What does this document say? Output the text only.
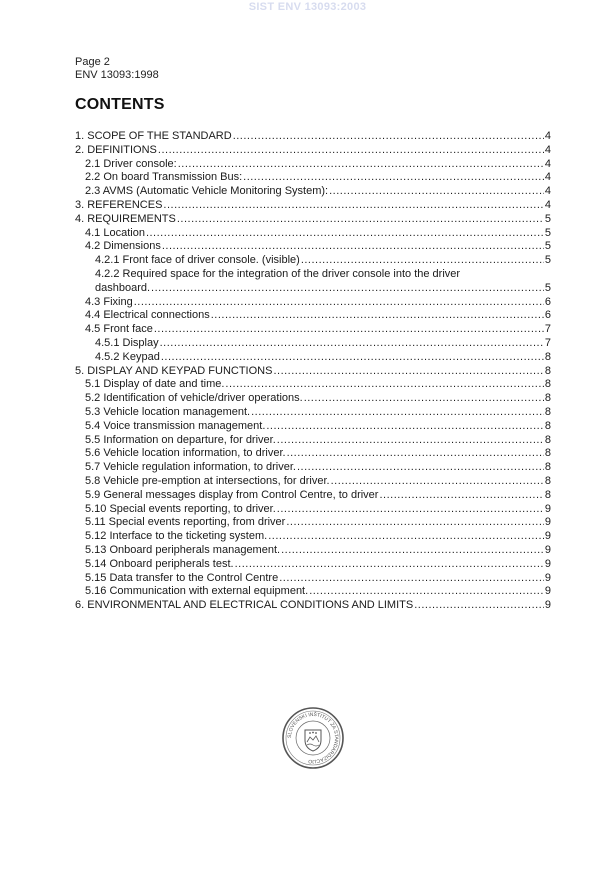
SIST ENV 13093:2003
Page 2
ENV 13093:1998
CONTENTS
1. SCOPE OF THE STANDARD .....	4
2. DEFINITIONS .....	4
2.1 Driver console: .....	4
2.2 On board Transmission Bus: .....	4
2.3 AVMS (Automatic Vehicle Monitoring System): .....	4
3. REFERENCES .....	4
4. REQUIREMENTS .....	5
4.1 Location .....	5
4.2 Dimensions .....	5
4.2.1 Front face of driver console. (visible) .....	5
4.2.2 Required space for the integration of the driver console into the driver
dashboard. .....	5
4.3 Fixing .....	6
4.4 Electrical connections .....	6
4.5 Front face .....	7
4.5.1 Display .....	7
4.5.2 Keypad .....	8
5. DISPLAY AND KEYPAD FUNCTIONS .....	8
5.1 Display of date and time. .....	8
5.2 Identification of vehicle/driver operations. .....	8
5.3 Vehicle location management. .....	8
5.4 Voice transmission management. .....	8
5.5 Information on departure, for driver. .....	8
5.6 Vehicle location information, to driver. .....	8
5.7 Vehicle regulation information, to driver. .....	8
5.8 Vehicle pre-emption at intersections, for driver. .....	8
5.9 General messages display from Control Centre, to driver .....	8
5.10 Special events reporting, to driver. .....	9
5.11 Special events reporting, from driver .....	9
5.12 Interface to the ticketing system. .....	9
5.13 Onboard peripherals management. .....	9
5.14 Onboard peripherals test. .....	9
5.15 Data transfer to the Control Centre .....	9
5.16 Communication with external equipment. .....	9
6. ENVIRONMENTAL AND ELECTRICAL CONDITIONS AND LIMITS .....	9
SLOVENSKI INŠTITUT ZA STANDARDIZACIJO
